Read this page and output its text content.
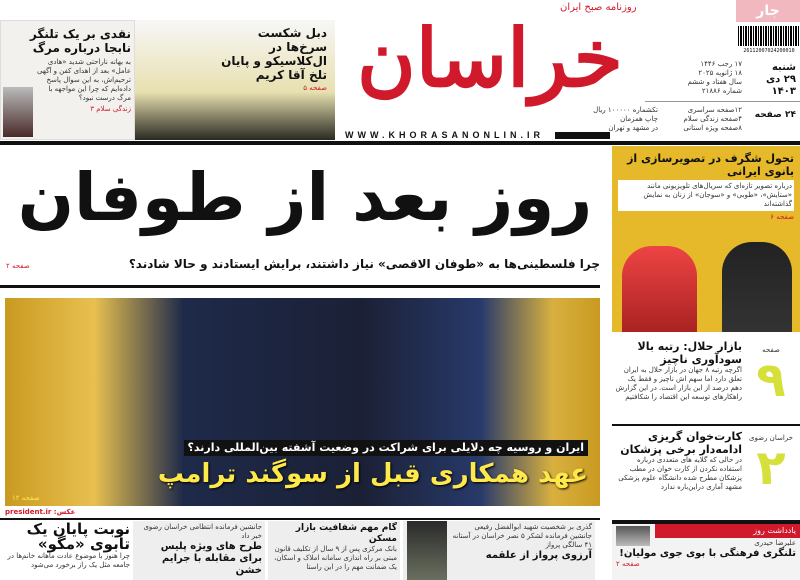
نقدی بر یک تلنگر نابجا درباره مرگ
به بهانه ناراحتی شدید «هادی عامل» بعد از اهدای کفن و آگهی ترحیم‌اش، به این سوال پاسخ داده‌ایم که چرا این مواجهه با مرگ درست نبود؟
زندگی سلام ۳
دبل شکست سرخ‌ها در ال‌کلاسیکو و پایان تلخ آقا کریم
صفحه ۵
روزنامه صبح ایران
خراسان
WWW.KHORASANONLIN.IR
جار
26112007024200010
شنبه
۲۹ دی
۱۴۰۳
۱۷ رجب ۱۴۴۶
۱۸ ژانویه ۲۰۲۵
سال هفتاد و ششم
شماره ۲۱۸۸۶
۲۴ صفحه
۱۲صفحه سراسری
۴صفحه زندگی سلام
۸صفحه ویژه استانی
تکشماره ۱۰۰۰۰۰ ریال
چاپ همزمان
در مشهد و تهران
روز بعد از طوفان
چرا فلسطینی‌ها به «طوفان الاقصی» نیاز داشتند، برایش ایستادند و حالا شادند؟
صفحه ۲
تحول شگرف در تصویرسازی از بانوی ایرانی
درباره تصویر تازه‌ای که سریال‌های تلویزیونی مانند «ستایش»، «طوبی» و «سوجان» از زنان به نمایش گذاشته‌اند
صفحه ۶
ایران و روسیه چه دلایلی برای شراکت در وضعیت آشفته بین‌المللی دارند؟
عهد همکاری قبل از سوگند ترامپ
صفحه ۱۲
عکس: president.ir
صفحه
۹
بازار حلال: رتبه بالا سودآوری ناچیز
اگرچه رتبه ۸ جهان در بازار حلال به ایران تعلق دارد اما سهم اش ناچیز و فقط یک دهم درصد از این بازار است. در این گزارش راهکارهای توسعه این اقتصاد را شکافتیم
خراسان رضوی
۲
کارت‌خوان گریزی ادامه‌دار برخی پزشکان
در حالی که گلایه های متعددی درباره استفاده نکردن از کارت خوان در مطب پزشکان مطرح شده دانشگاه علوم پزشکی مشهد آماری دراین‌باره ندارد
نوبت پایان یک تابوی «مگو»
چرا هنوز با موضوع عادت ماهانه خانم‌ها در جامعه مثل یک راز برخورد می‌شود
جانشین فرمانده انتظامی خراسان رضوی خبر داد
طرح های ویژه پلیس برای مقابله با جرایم خشن
گام مهم شفافیت بازار مسکن
بانک مرکزی پس از ۹ سال از تکلیف قانون مبنی بر راه اندازی سامانه املاک و اسکان، یک ضمانت مهم را در این راستا
گذری بر شخصیت شهید ابوالفضل رفیعی جانشین فرمانده لشکر ۵ نصر خراسان در آستانه ۴۱ سالگی پرواز
آرزوی پرواز از علقمه
یادداشت روز
علیرضا حیدری
تلنگری فرهنگی با بوی جوی مولیان!
صفحه ۲
